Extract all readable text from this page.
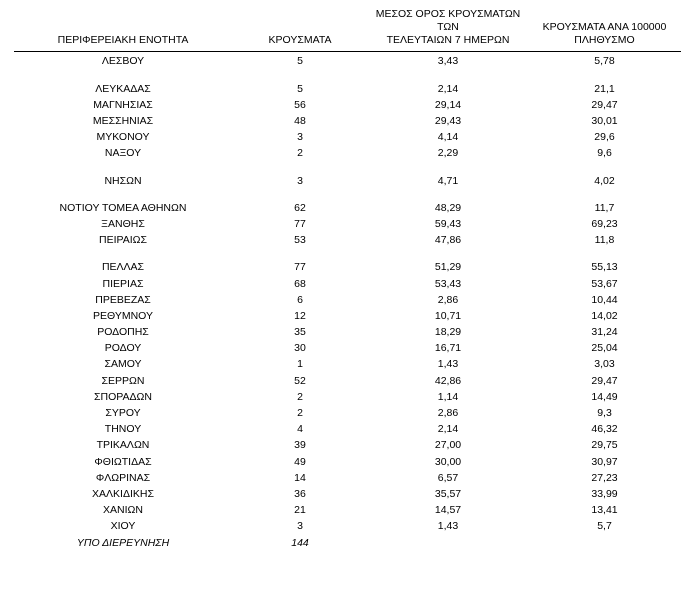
ΠΕΡΙΦΕΡΕΙΑΚΗ ΕΝΟΤΗΤΑ	ΚΡΟΥΣΜΑΤΑ	ΜΕΣΟΣ ΟΡΟΣ ΚΡΟΥΣΜΑΤΩΝ ΤΩΝ
ΤΕΛΕΥΤΑΙΩΝ 7 ΗΜΕΡΩΝ	ΚΡΟΥΣΜΑΤΑ ΑΝΑ 100000
ΠΛΗΘΥΣΜΟ
ΛΕΣΒΟΥ	5	3,43	5,78

ΛΕΥΚΑΔΑΣ	5	2,14	21,1
ΜΑΓΝΗΣΙΑΣ	56	29,14	29,47
ΜΕΣΣΗΝΙΑΣ	48	29,43	30,01
ΜΥΚΟΝΟΥ	3	4,14	29,6
ΝΑΞΟΥ	2	2,29	9,6

ΝΗΣΩΝ	3	4,71	4,02

ΝΟΤΙΟΥ ΤΟΜΕΑ ΑΘΗΝΩΝ	62	48,29	11,7
ΞΑΝΘΗΣ	77	59,43	69,23
ΠΕΙΡΑΙΩΣ	53	47,86	11,8

ΠΕΛΛΑΣ	77	51,29	55,13
ΠΙΕΡΙΑΣ	68	53,43	53,67
ΠΡΕΒΕΖΑΣ	6	2,86	10,44
ΡΕΘΥΜΝΟΥ	12	10,71	14,02
ΡΟΔΟΠΗΣ	35	18,29	31,24
ΡΟΔΟΥ	30	16,71	25,04
ΣΑΜΟΥ	1	1,43	3,03
ΣΕΡΡΩΝ	52	42,86	29,47
ΣΠΟΡΑΔΩΝ	2	1,14	14,49
ΣΥΡΟΥ	2	2,86	9,3
ΤΗΝΟΥ	4	2,14	46,32
ΤΡΙΚΑΛΩΝ	39	27,00	29,75
ΦΘΙΩΤΙΔΑΣ	49	30,00	30,97
ΦΛΩΡΙΝΑΣ	14	6,57	27,23
ΧΑΛΚΙΔΙΚΗΣ	36	35,57	33,99
ΧΑΝΙΩΝ	21	14,57	13,41
ΧΙΟΥ	3	1,43	5,7
ΥΠΟ ΔΙΕΡΕΥΝΗΣΗ	144		
